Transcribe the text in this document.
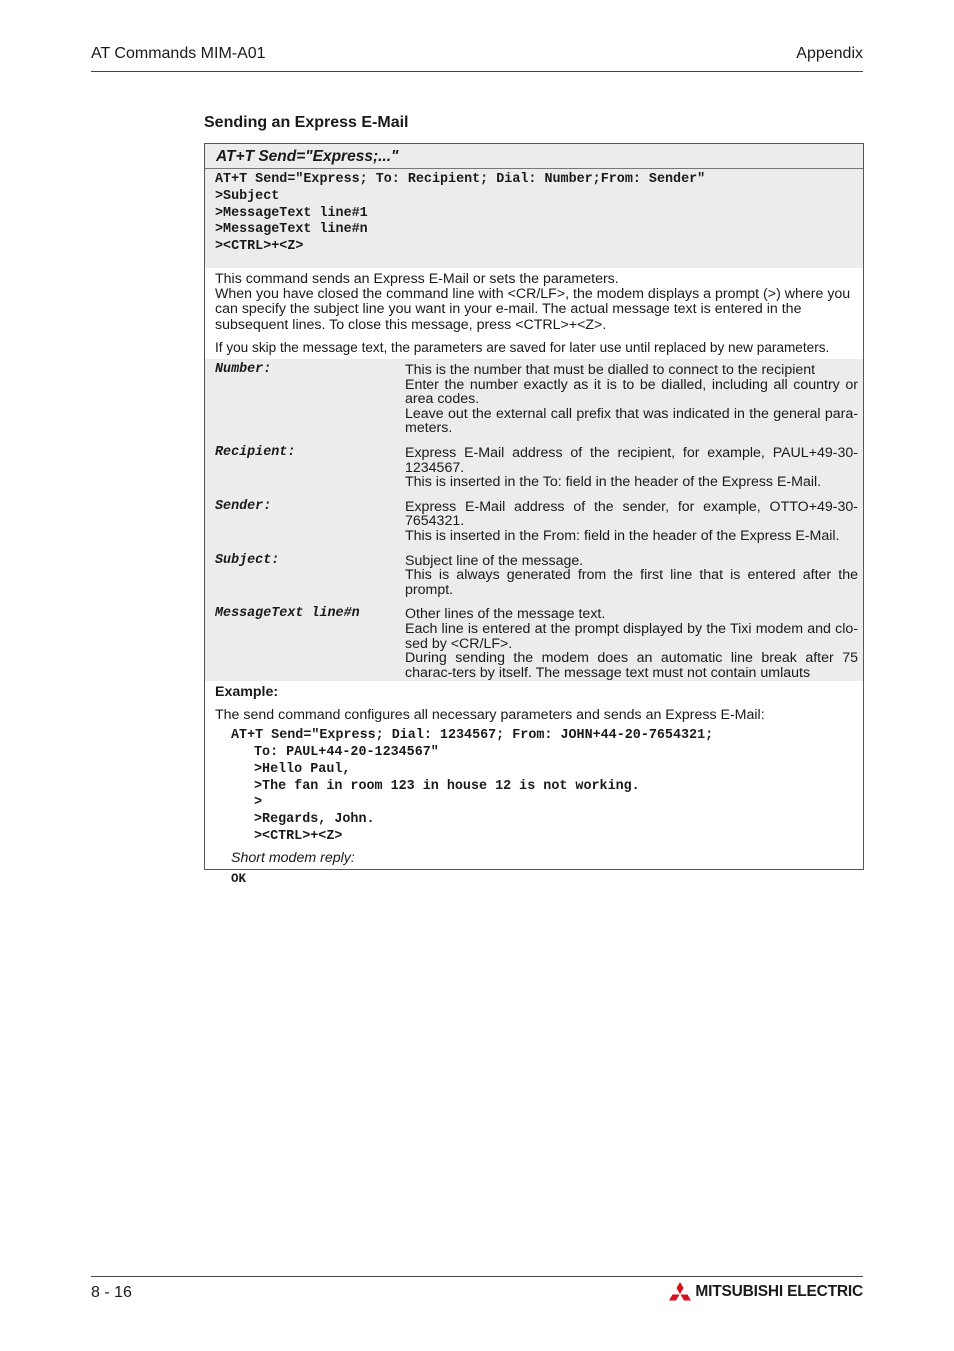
AT Commands MIM-A01	Appendix
Sending an Express E-Mail
AT+T Send="Express;..."
AT+T Send="Express; To: Recipient; Dial: Number;From: Sender"
>Subject
>MessageText line#1
>MessageText line#n
><CTRL>+<Z>

This command sends an Express E-Mail or sets the parameters.

When you have closed the command line with <CR/LF>, the modem displays a prompt (>) where you can specify the subject line you want in your e-mail. The actual message text is entered in the subsequent lines. To close this message, press <CTRL>+<Z>.

If you skip the message text, the parameters are saved for later use until replaced by new parameters.

Number:	This is the number that must be dialled to connect to the recipient
Enter the number exactly as it is to be dialled, including all country or area codes.
Leave out the external call prefix that was indicated in the general para-meters.
Recipient:	Express E-Mail address of the recipient, for example, PAUL+49-30-1234567.
This is inserted in the To: field in the header of the Express E-Mail.
Sender:	Express E-Mail address of the sender, for example, OTTO+49-30-7654321.
This is inserted in the From: field in the header of the Express E-Mail.
Subject:	Subject line of the message.
This is always generated from the first line that is entered after the prompt.
MessageText line#n	Other lines of the message text.
Each line is entered at the prompt displayed by the Tixi modem and clo-sed by <CR/LF>.
During sending the modem does an automatic line break after 75 charac-ters by itself. The message text must not contain umlauts
Example:
The send command configures all necessary parameters and sends an Express E-Mail:
AT+T Send="Express; Dial: 1234567; From: JOHN+44-20-7654321;
To: PAUL+44-20-1234567"
>Hello Paul,
>The fan in room 123 in house 12 is not working.
>
>Regards, John.
><CTRL>+<Z>
Short modem reply:
OK
8 - 16	MITSUBISHI ELECTRIC
